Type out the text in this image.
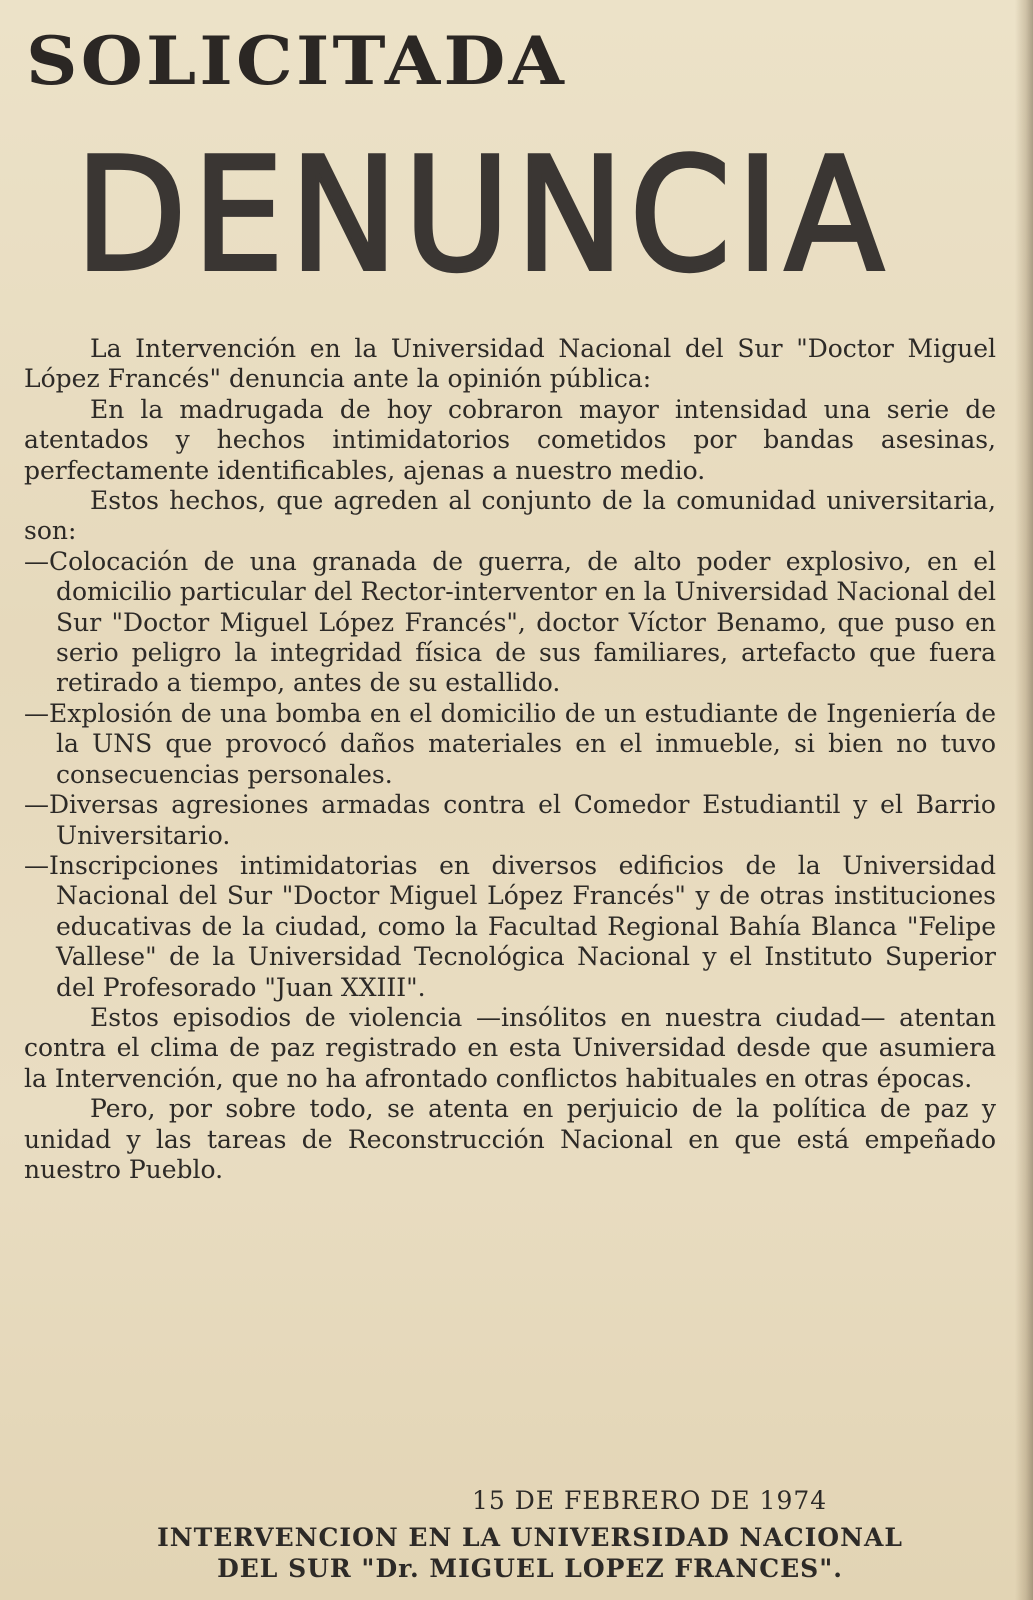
SOLICITADA
DENUNCIA

La Intervención en la Universidad Nacional del Sur "Doctor Miguel López Francés" denuncia ante la opinión pública:

En la madrugada de hoy cobraron mayor intensidad una serie de atentados y hechos intimidatorios cometidos por bandas asesinas, perfectamente identificables, ajenas a nuestro medio.

Estos hechos, que agreden al conjunto de la comunidad universitaria, son:

—Colocación de una granada de guerra, de alto poder explosivo, en el domicilio particular del Rector-interventor en la Universidad Nacional del Sur "Doctor Miguel López Francés", doctor Víctor Benamo, que puso en serio peligro la integridad física de sus familiares, artefacto que fuera retirado a tiempo, antes de su estallido.

—Explosión de una bomba en el domicilio de un estudiante de Ingeniería de la UNS que provocó daños materiales en el inmueble, si bien no tuvo consecuencias personales.

—Diversas agresiones armadas contra el Comedor Estudiantil y el Barrio Universitario.

—Inscripciones intimidatorias en diversos edificios de la Universidad Nacional del Sur "Doctor Miguel López Francés" y de otras instituciones educativas de la ciudad, como la Facultad Regional Bahía Blanca "Felipe Vallese" de la Universidad Tecnológica Nacional y el Instituto Superior del Profesorado "Juan XXIII".

Estos episodios de violencia —insólitos en nuestra ciudad— atentan contra el clima de paz registrado en esta Universidad desde que asumiera la Intervención, que no ha afrontado conflictos habituales en otras épocas.

Pero, por sobre todo, se atenta en perjuicio de la política de paz y unidad y las tareas de Reconstrucción Nacional en que está empeñado nuestro Pueblo.

15 DE FEBRERO DE 1974
INTERVENCION EN LA UNIVERSIDAD NACIONAL
DEL SUR "Dr. MIGUEL LOPEZ FRANCES".
